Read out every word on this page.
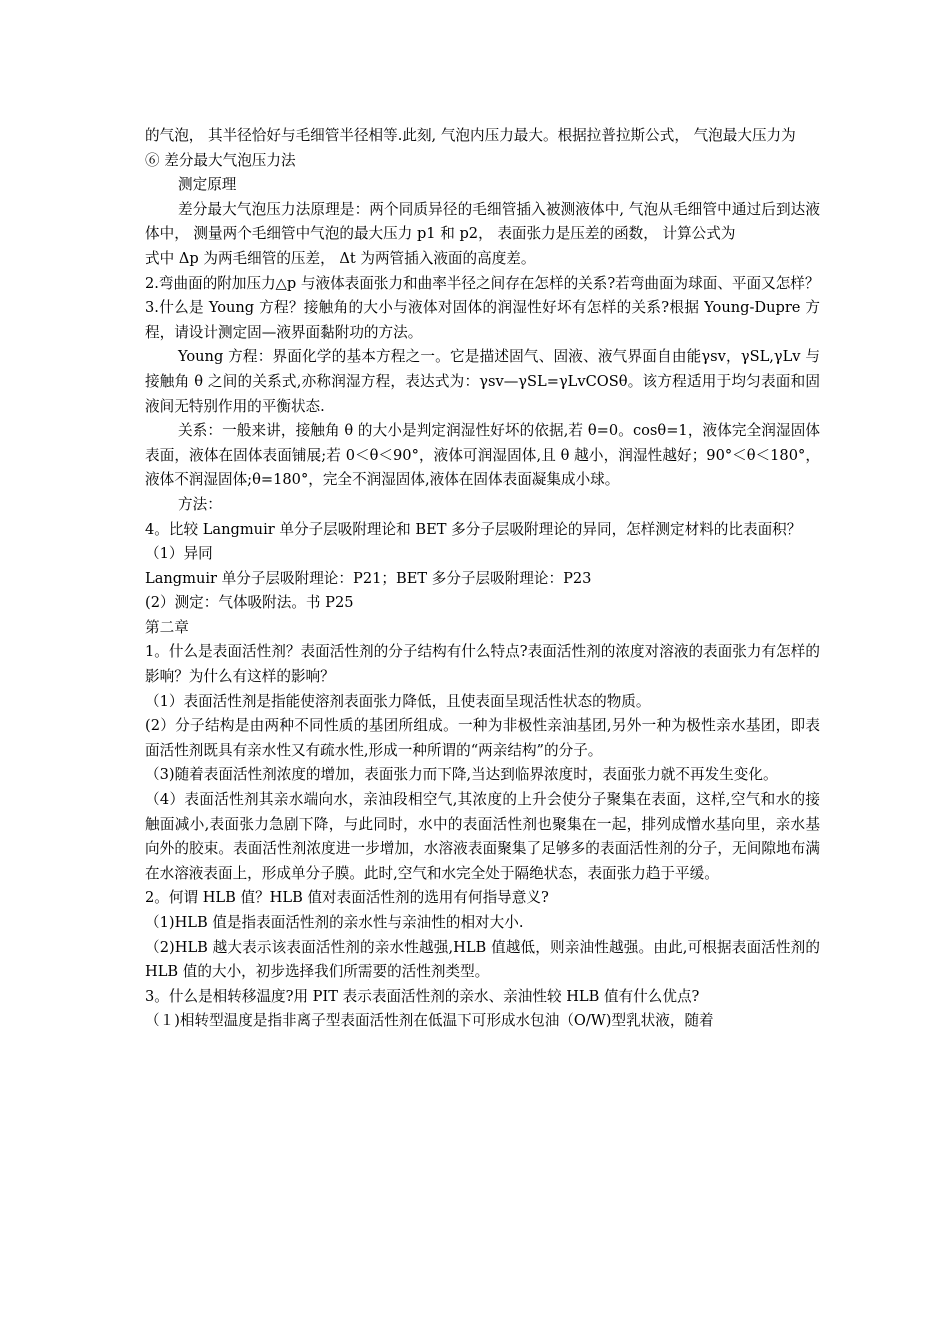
的气泡， 其半径恰好与毛细管半径相等.此刻, 气泡内压力最大。根据拉普拉斯公式， 气泡最大压力为

⑥ 差分最大气泡压力法

测定原理

差分最大气泡压力法原理是：两个同质异径的毛细管插入被测液体中, 气泡从毛细管中通过后到达液体中， 测量两个毛细管中气泡的最大压力 p1 和 p2， 表面张力是压差的函数， 计算公式为

式中 Δp 为两毛细管的压差， Δt 为两管插入液面的高度差。

2.弯曲面的附加压力△p 与液体表面张力和曲率半径之间存在怎样的关系?若弯曲面为球面、平面又怎样？

3.什么是 Young 方程？接触角的大小与液体对固体的润湿性好坏有怎样的关系?根据 Young-Dupre 方程，请设计测定固—液界面黏附功的方法。

Young 方程：界面化学的基本方程之一。它是描述固气、固液、液气界面自由能γsv，γSL,γLv 与接触角 θ 之间的关系式,亦称润湿方程，表达式为：γsv—γSL=γLvCOSθ。该方程适用于均匀表面和固液间无特别作用的平衡状态.

关系：一般来讲，接触角 θ 的大小是判定润湿性好坏的依据,若 θ=0。cosθ=1，液体完全润湿固体表面，液体在固体表面铺展;若 0＜θ＜90°，液体可润湿固体,且 θ 越小，润湿性越好；90°＜θ＜180°，液体不润湿固体;θ=180°，完全不润湿固体,液体在固体表面凝集成小球。

方法：

4。比较 Langmuir 单分子层吸附理论和 BET 多分子层吸附理论的异同，怎样测定材料的比表面积？

（1）异同

Langmuir 单分子层吸附理论：P21；BET 多分子层吸附理论：P23

(2）测定：气体吸附法。书 P25

第二章

1。什么是表面活性剂？表面活性剂的分子结构有什么特点?表面活性剂的浓度对溶液的表面张力有怎样的影响？为什么有这样的影响？

（1）表面活性剂是指能使溶剂表面张力降低，且使表面呈现活性状态的物质。

(2）分子结构是由两种不同性质的基团所组成。一种为非极性亲油基团,另外一种为极性亲水基团，即表面活性剂既具有亲水性又有疏水性,形成一种所谓的“两亲结构”的分子。

（3)随着表面活性剂浓度的增加，表面张力而下降,当达到临界浓度时，表面张力就不再发生变化。

（4）表面活性剂其亲水端向水，亲油段相空气,其浓度的上升会使分子聚集在表面，这样,空气和水的接触面减小,表面张力急剧下降，与此同时，水中的表面活性剂也聚集在一起，排列成憎水基向里，亲水基向外的胶束。表面活性剂浓度进一步增加，水溶液表面聚集了足够多的表面活性剂的分子，无间隙地布满在水溶液表面上，形成单分子膜。此时,空气和水完全处于隔绝状态，表面张力趋于平缓。

2。何谓 HLB 值？HLB 值对表面活性剂的选用有何指导意义?

（1)HLB 值是指表面活性剂的亲水性与亲油性的相对大小.

（2)HLB 越大表示该表面活性剂的亲水性越强,HLB 值越低，则亲油性越强。由此,可根据表面活性剂的 HLB 值的大小，初步选择我们所需要的活性剂类型。

3。什么是相转移温度?用 PIT 表示表面活性剂的亲水、亲油性较 HLB 值有什么优点?

（１)相转型温度是指非离子型表面活性剂在低温下可形成水包油（O/W)型乳状液，随着
